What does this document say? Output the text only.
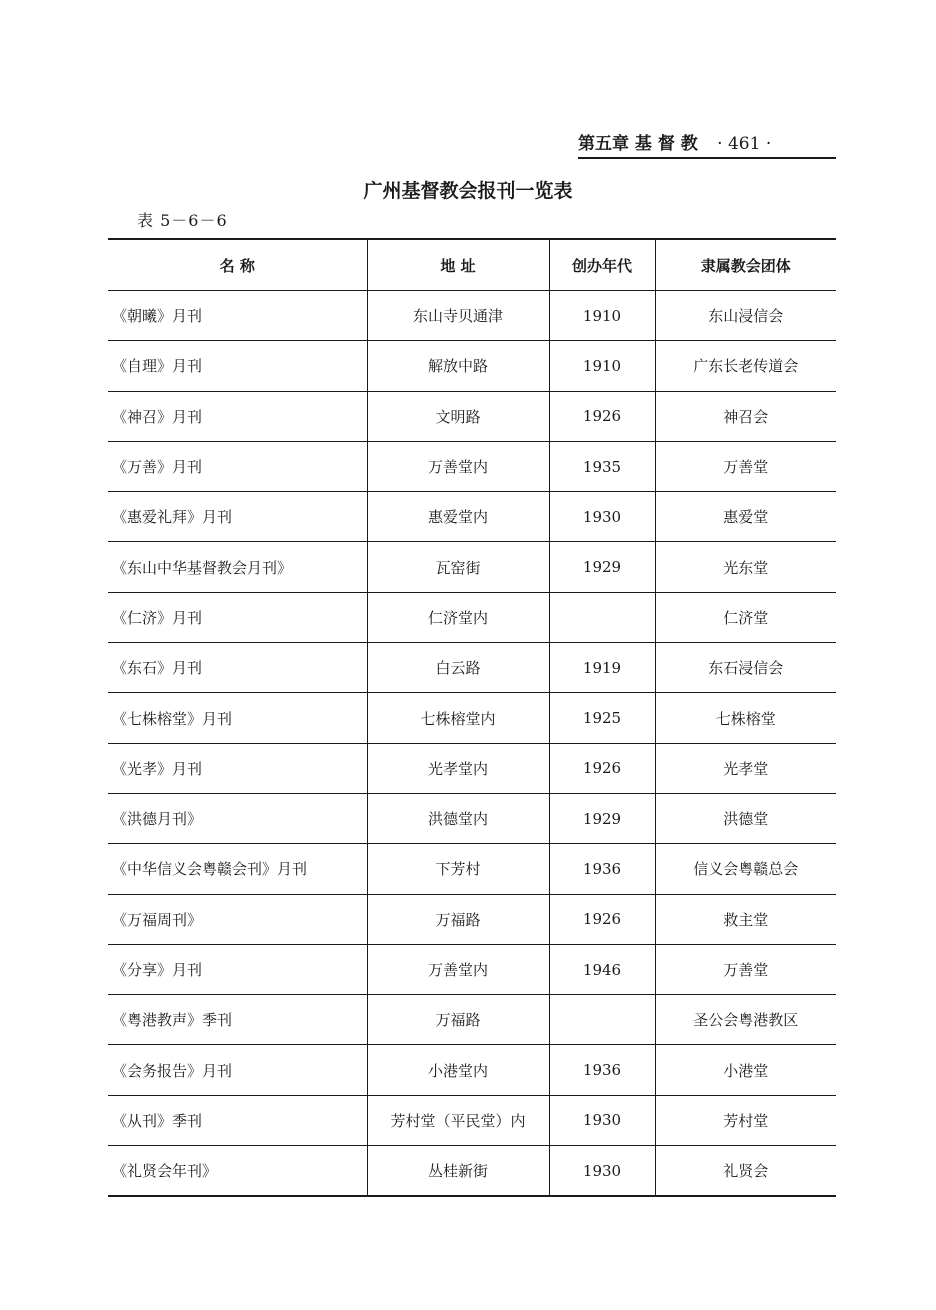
第五章 基 督 教 · 461 ·
广州基督教会报刊一览表
表 5－6－6
名 称	地 址	创办年代	隶属教会团体
《朝曦》月刊	东山寺贝通津	1910	东山浸信会
《自理》月刊	解放中路	1910	广东长老传道会
《神召》月刊	文明路	1926	神召会
《万善》月刊	万善堂内	1935	万善堂
《惠爱礼拜》月刊	惠爱堂内	1930	惠爱堂
《东山中华基督教会月刊》	瓦窑街	1929	光东堂
《仁济》月刊	仁济堂内		仁济堂
《东石》月刊	白云路	1919	东石浸信会
《七株榕堂》月刊	七株榕堂内	1925	七株榕堂
《光孝》月刊	光孝堂内	1926	光孝堂
《洪德月刊》	洪德堂内	1929	洪德堂
《中华信义会粤赣会刊》月刊	下芳村	1936	信义会粤赣总会
《万福周刊》	万福路	1926	救主堂
《分享》月刊	万善堂内	1946	万善堂
《粤港教声》季刊	万福路		圣公会粤港教区
《会务报告》月刊	小港堂内	1936	小港堂
《从刊》季刊	芳村堂（平民堂）内	1930	芳村堂
《礼贤会年刊》	丛桂新街	1930	礼贤会
